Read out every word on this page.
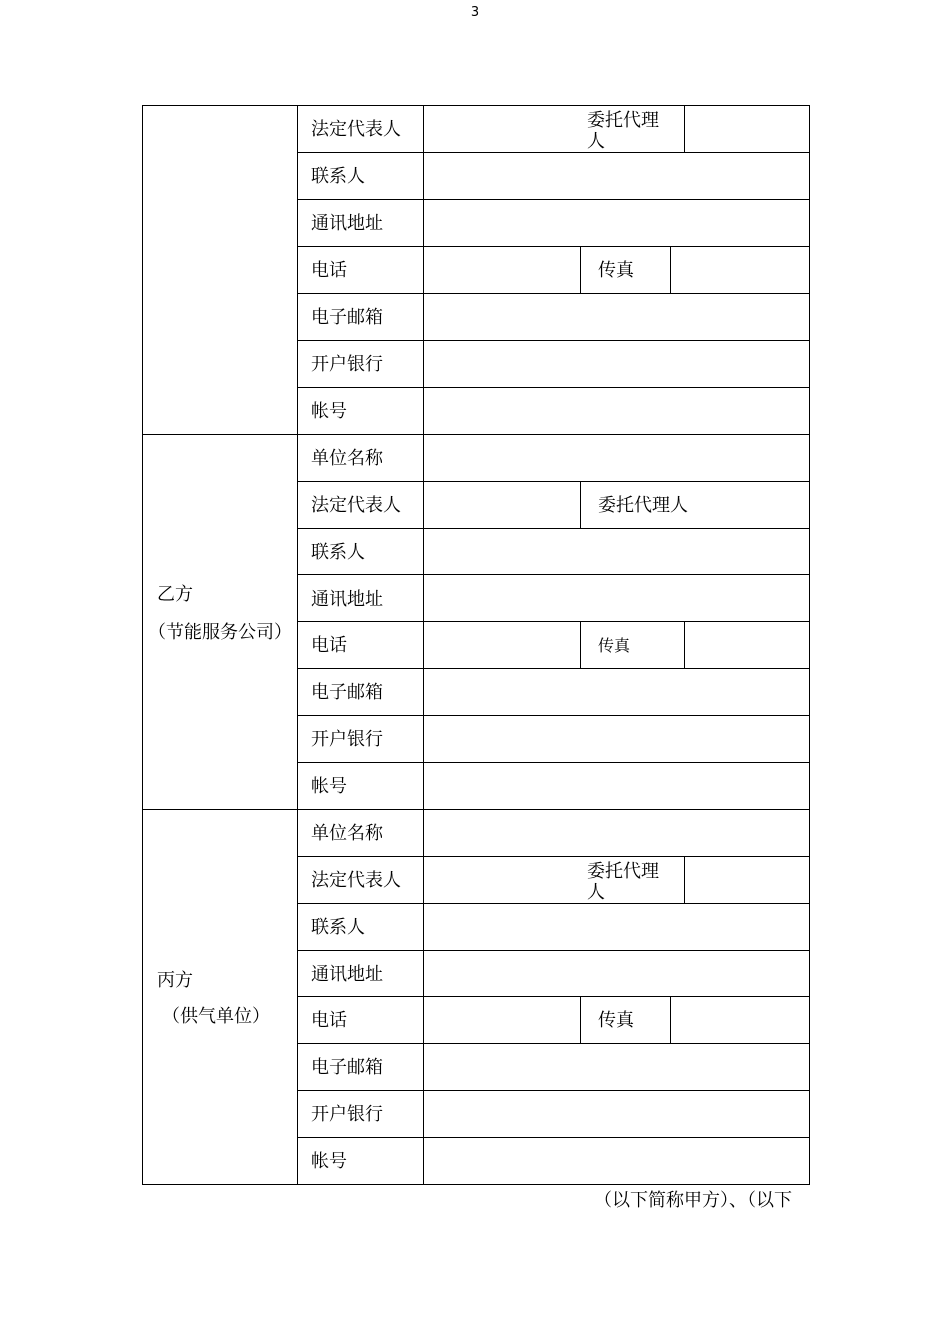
3
法定代表人	委托代理人
联系人
通讯地址
电话	传真
电子邮箱
开户银行
帐号
乙方
（节能服务公司）
单位名称
法定代表人	委托代理人
联系人
通讯地址
电话	传真
电子邮箱
开户银行
帐号
丙方
（供气单位）
单位名称
法定代表人	委托代理人
联系人
通讯地址
电话	传真
电子邮箱
开户银行
帐号
（以下简称甲方）、（以下
